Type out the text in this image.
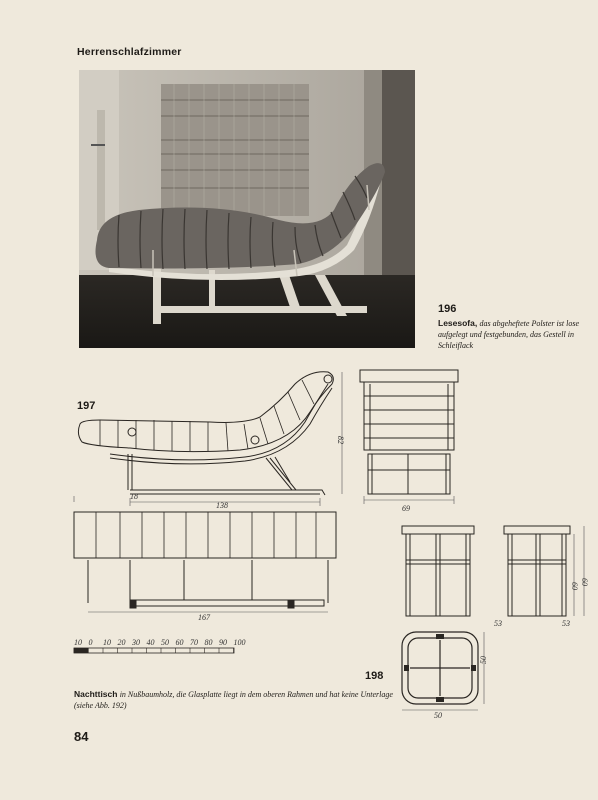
Herrenschlafzimmer
196
Lesesofa, das abgeheftete Polster ist lose aufgelegt und festgebunden, das Gestell in Schleiflack
197
138
18
82
69
167
10 0 10 20 30 40 50 60 70 80 90 100
60 60
53	53
50
50
198
Nachttisch in Nußbaumholz, die Glasplatte liegt in dem oberen Rahmen und hat keine Unterlage (siehe Abb. 192)
84
